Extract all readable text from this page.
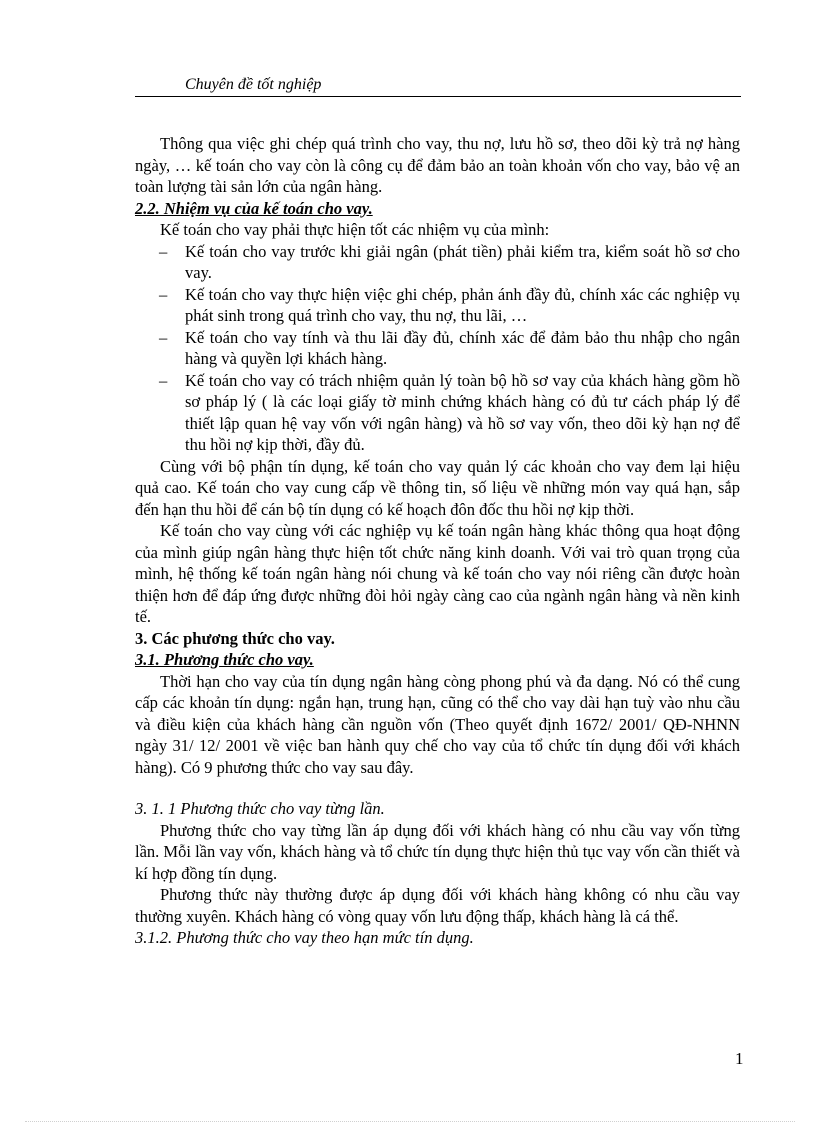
Chuyên đề tốt nghiệp

Thông qua việc ghi chép quá trình cho vay, thu nợ, lưu hồ sơ, theo dõi kỳ trả nợ hàng ngày, … kế toán cho vay còn là công cụ để đảm bảo an toàn khoản vốn cho vay, bảo vệ an toàn lượng tài sản lớn của ngân hàng.

2.2. Nhiệm vụ của kế toán cho vay.

Kế toán cho vay phải thực hiện tốt các nhiệm vụ của mình:

– Kế toán cho vay trước khi giải ngân (phát tiền) phải kiểm tra, kiểm soát hồ sơ cho vay.
– Kế toán cho vay thực hiện việc ghi chép, phản ánh đầy đủ, chính xác các nghiệp vụ phát sinh trong quá trình cho vay, thu nợ, thu lãi, …
– Kế toán cho vay tính và thu lãi đầy đủ, chính xác để đảm bảo thu nhập cho ngân hàng và quyền lợi khách hàng.
– Kế toán cho vay có trách nhiệm quản lý toàn bộ hồ sơ vay của khách hàng gồm hồ sơ pháp lý ( là các loại giấy tờ minh chứng khách hàng có đủ tư cách pháp lý để thiết lập quan hệ vay vốn với ngân hàng) và hồ sơ vay vốn, theo dõi kỳ hạn nợ để thu hồi nợ kịp thời, đầy đủ.

Cùng với bộ phận tín dụng, kế toán cho vay quản lý các khoản cho vay đem lại hiệu quả cao. Kế toán cho vay cung cấp về thông tin, số liệu về những món vay quá hạn, sắp đến hạn thu hồi để cán bộ tín dụng có kế hoạch đôn đốc thu hồi nợ kịp thời.

Kế toán cho vay cùng với các nghiệp vụ kế toán ngân hàng khác thông qua hoạt động của mình giúp ngân hàng thực hiện tốt chức năng kinh doanh. Với vai trò quan trọng của mình, hệ thống kế toán ngân hàng nói chung và kế toán cho vay nói riêng cần được hoàn thiện hơn để đáp ứng được những đòi hỏi ngày càng cao của ngành ngân hàng và nền kinh tế.

3. Các phương thức cho vay.

3.1. Phương thức cho vay.

Thời hạn cho vay của tín dụng ngân hàng còng phong phú và đa dạng. Nó có thể cung cấp các khoản tín dụng: ngắn hạn, trung hạn, cũng có thể cho vay dài hạn tuỳ vào nhu cầu và điều kiện của khách hàng cần nguồn vốn (Theo quyết định 1672/ 2001/ QĐ-NHNN ngày 31/ 12/ 2001 về việc ban hành quy chế cho vay của tổ chức tín dụng đối với khách hàng). Có 9 phương thức cho vay sau đây.

3. 1. 1 Phương thức cho vay từng lần.

Phương thức cho vay từng lần áp dụng đối với khách hàng có nhu cầu vay vốn từng lần. Mỗi lần vay vốn, khách hàng và tổ chức tín dụng thực hiện thủ tục vay vốn cần thiết và kí hợp đồng tín dụng.

Phương thức này thường được áp dụng đối với khách hàng không có nhu cầu vay thường xuyên. Khách hàng có vòng quay vốn lưu động thấp, khách hàng là cá thể.

3.1.2. Phương thức cho vay theo hạn mức tín dụng.

1
